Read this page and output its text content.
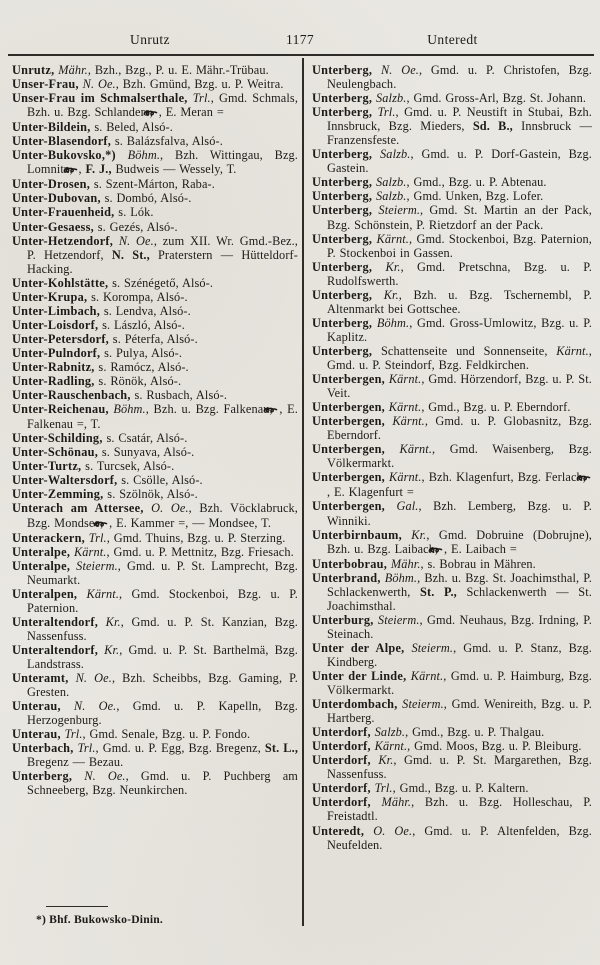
Unrutz	1177	Unteredt
Unrutz, Mähr., Bzh., Bzg., P. u. E. Mähr.-Trübau.
Unser-Frau, N. Oe., Bzh. Gmünd, Bzg. u. P. Weitra.
Unser-Frau im Schmalserthale, Trl., Gmd. Schmals, Bzh. u. Bzg. Schlanders, , E. Meran =
Unter-Bildein, s. Beled, Alsó-.
Unter-Blasendorf, s. Balázsfalva, Alsó-.
Unter-Bukovsko,*) Böhm., Bzh. Wittingau, Bzg. Lomnitz, , F. J., Budweis — Wessely, T.
Unter-Drosen, s. Szent-Márton, Raba-.
Unter-Dubovan, s. Dombó, Alsó-.
Unter-Frauenheid, s. Lók.
Unter-Gesaess, s. Gezés, Alsó-.
Unter-Hetzendorf, N. Oe., zum XII. Wr. Gmd.-Bez., P. Hetzendorf, N. St., Praterstern — Hütteldorf-Hacking.
Unter-Kohlstätte, s. Szénégető, Alsó-.
Unter-Krupa, s. Korompa, Alsó-.
Unter-Limbach, s. Lendva, Alsó-.
Unter-Loisdorf, s. László, Alsó-.
Unter-Petersdorf, s. Péterfa, Alsó-.
Unter-Pulndorf, s. Pulya, Alsó-.
Unter-Rabnitz, s. Ramócz, Alsó-.
Unter-Radling, s. Rönök, Alsó-.
Unter-Rauschenbach, s. Rusbach, Alsó-.
Unter-Reichenau, Böhm., Bzh. u. Bzg. Falkenau, , E. Falkenau =, T.
Unter-Schilding, s. Csatár, Alsó-.
Unter-Schönau, s. Sunyava, Alsó-.
Unter-Turtz, s. Turcsek, Alsó-.
Unter-Waltersdorf, s. Csölle, Alsó-.
Unter-Zemming, s. Szölnök, Alsó-.
Unterach am Attersee, O. Oe., Bzh. Vöcklabruck, Bzg. Mondsee, , E. Kammer =, — Mondsee, T.
Unterackern, Trl., Gmd. Thuins, Bzg. u. P. Sterzing.
Unteralpe, Kärnt., Gmd. u. P. Mettnitz, Bzg. Friesach.
Unteralpe, Steierm., Gmd. u. P. St. Lamprecht, Bzg. Neumarkt.
Unteralpen, Kärnt., Gmd. Stockenboi, Bzg. u. P. Paternion.
Unteraltendorf, Kr., Gmd. u. P. St. Kanzian, Bzg. Nassenfuss.
Unteraltendorf, Kr., Gmd. u. P. St. Barthelmä, Bzg. Landstrass.
Unteramt, N. Oe., Bzh. Scheibbs, Bzg. Gaming, P. Gresten.
Unterau, N. Oe., Gmd. u. P. Kapelln, Bzg. Herzogenburg.
Unterau, Trl., Gmd. Senale, Bzg. u. P. Fondo.
Unterbach, Trl., Gmd. u. P. Egg, Bzg. Bregenz, St. L., Bregenz — Bezau.
Unterberg, N. Oe., Gmd. u. P. Puchberg am Schneeberg, Bzg. Neunkirchen.
Unterberg, N. Oe., Gmd. u. P. Christofen, Bzg. Neulengbach.
Unterberg, Salzb., Gmd. Gross-Arl, Bzg. St. Johann.
Unterberg, Trl., Gmd. u. P. Neustift in Stubai, Bzh. Innsbruck, Bzg. Mieders, Sd. B., Innsbruck — Franzensfeste.
Unterberg, Salzb., Gmd. u. P. Dorf-Gastein, Bzg. Gastein.
Unterberg, Salzb., Gmd., Bzg. u. P. Abtenau.
Unterberg, Salzb., Gmd. Unken, Bzg. Lofer.
Unterberg, Steierm., Gmd. St. Martin an der Pack, Bzg. Schönstein, P. Rietzdorf an der Pack.
Unterberg, Kärnt., Gmd. Stockenboi, Bzg. Paternion, P. Stockenboi in Gassen.
Unterberg, Kr., Gmd. Pretschna, Bzg. u. P. Rudolfswerth.
Unterberg, Kr., Bzh. u. Bzg. Tschernembl, P. Altenmarkt bei Gottschee.
Unterberg, Böhm., Gmd. Gross-Umlowitz, Bzg. u. P. Kaplitz.
Unterberg, Schattenseite und Sonnenseite, Kärnt., Gmd. u. P. Steindorf, Bzg. Feldkirchen.
Unterbergen, Kärnt., Gmd. Hörzendorf, Bzg. u. P. St. Veit.
Unterbergen, Kärnt., Gmd., Bzg. u. P. Eberndorf.
Unterbergen, Kärnt., Gmd. u. P. Globasnitz, Bzg. Eberndorf.
Unterbergen, Kärnt., Gmd. Waisenberg, Bzg. Völkermarkt.
Unterbergen, Kärnt., Bzh. Klagenfurt, Bzg. Ferlach, , E. Klagenfurt =
Unterbergen, Gal., Bzh. Lemberg, Bzg. u. P. Winniki.
Unterbirnbaum, Kr., Gmd. Dobruine (Dobrujne), Bzh. u. Bzg. Laibach, , E. Laibach =
Unterbobrau, Mähr., s. Bobrau in Mähren.
Unterbrand, Böhm., Bzh. u. Bzg. St. Joachimsthal, P. Schlackenwerth, St. P., Schlackenwerth — St. Joachimsthal.
Unterburg, Steierm., Gmd. Neuhaus, Bzg. Irdning, P. Steinach.
Unter der Alpe, Steierm., Gmd. u. P. Stanz, Bzg. Kindberg.
Unter der Linde, Kärnt., Gmd. u. P. Haimburg, Bzg. Völkermarkt.
Unterdombach, Steierm., Gmd. Wenireith, Bzg. u. P. Hartberg.
Unterdorf, Salzb., Gmd., Bzg. u. P. Thalgau.
Unterdorf, Kärnt., Gmd. Moos, Bzg. u. P. Bleiburg.
Unterdorf, Kr., Gmd. u. P. St. Margarethen, Bzg. Nassenfuss.
Unterdorf, Trl., Gmd., Bzg. u. P. Kaltern.
Unterdorf, Mähr., Bzh. u. Bzg. Holleschau, P. Freistadtl.
Unteredt, O. Oe., Gmd. u. P. Altenfelden, Bzg. Neufelden.
*) Bhf. Bukowsko-Dinin.
